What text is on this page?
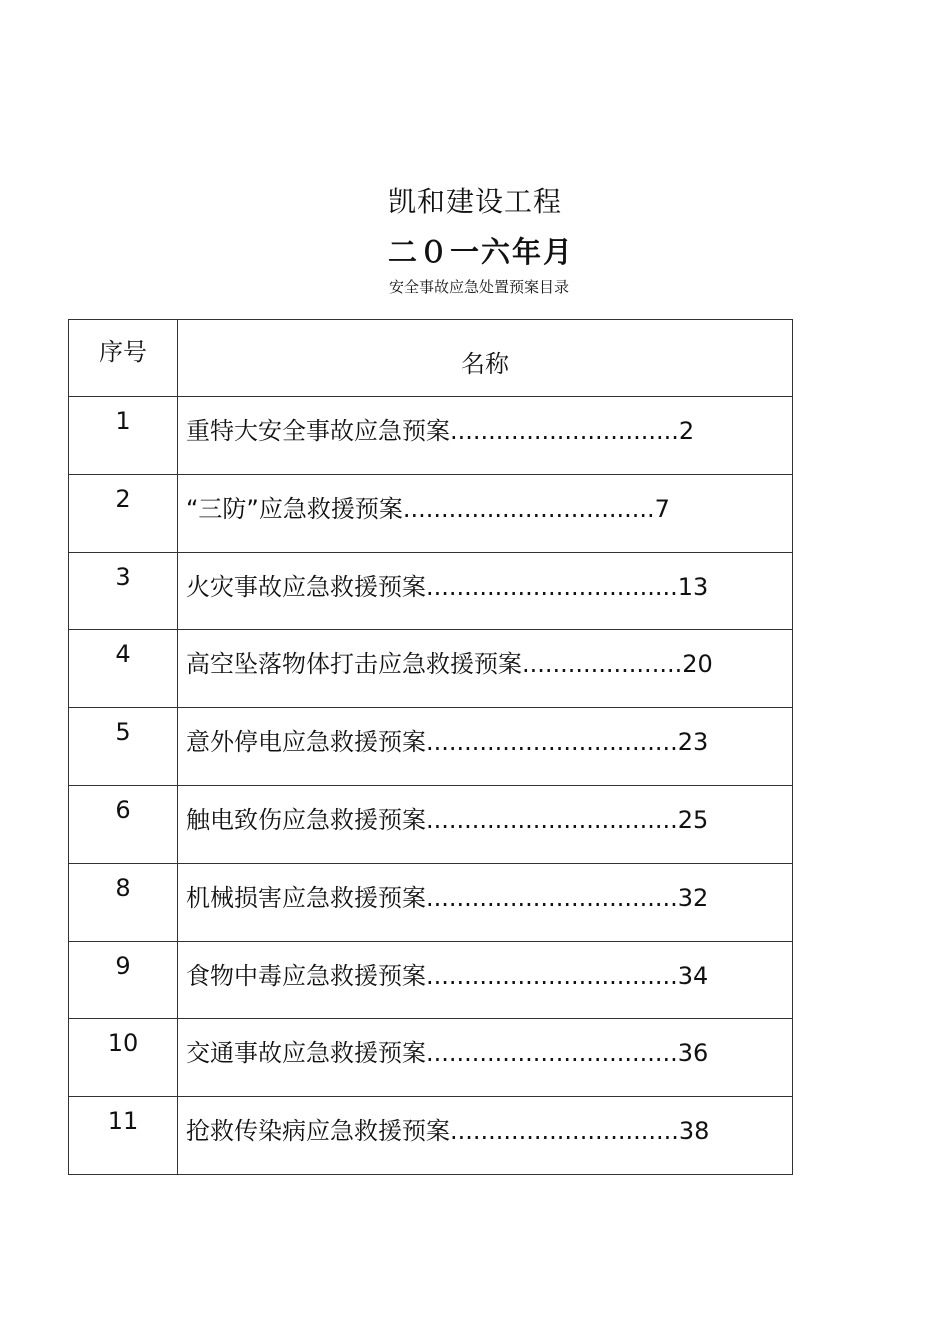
凯和建设工程
二０一六年月
安全事故应急处置预案目录
序号	名称

1	重特大安全事故应急预案..............................2

2	“三防”应急救援预案.................................7

3	火灾事故应急救援预案.................................13

4	高空坠落物体打击应急救援预案.....................20

5	意外停电应急救援预案.................................23

6	触电致伤应急救援预案.................................25

8	机械损害应急救援预案.................................32

9	食物中毒应急救援预案.................................34

10	交通事故应急救援预案.................................36

11	抢救传染病应急救援预案..............................38
